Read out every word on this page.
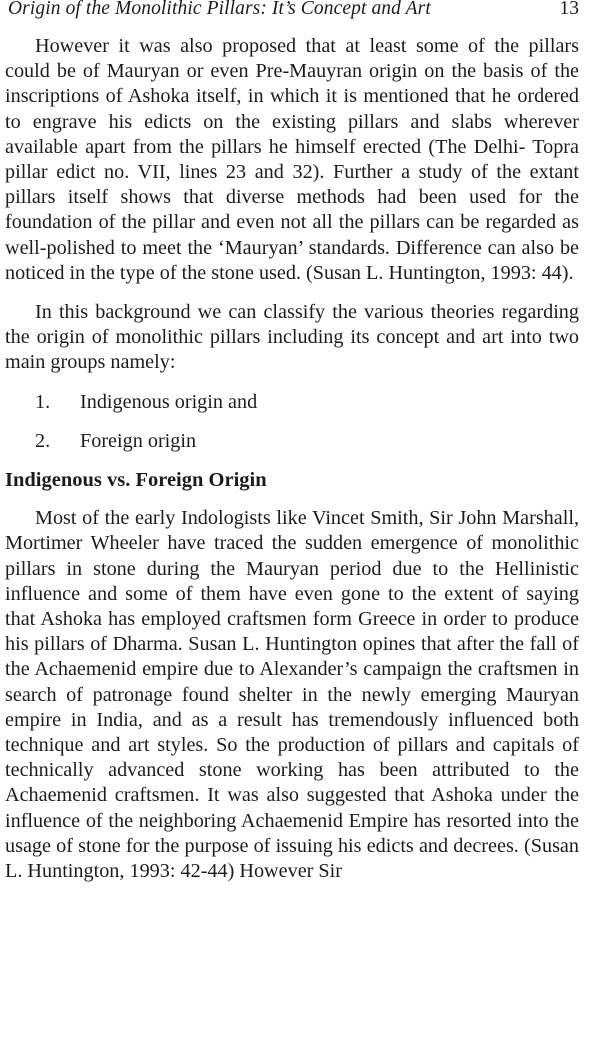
Origin of the Monolithic Pillars: It’s Concept and Art	13

However it was also proposed that at least some of the pillars could be of Mauryan or even Pre-Mauyran origin on the basis of the inscriptions of Ashoka itself, in which it is mentioned that he ordered to engrave his edicts on the existing pillars and slabs wherever available apart from the pillars he himself erected (The Delhi- Topra pillar edict no. VII, lines 23 and 32). Further a study of the extant pillars itself shows that diverse methods had been used for the foundation of the pillar and even not all the pillars can be regarded as well-polished to meet the ‘Mauryan’ standards. Difference can also be noticed in the type of the stone used. (Susan L. Huntington, 1993: 44).

In this background we can classify the various theories regarding the origin of monolithic pillars including its concept and art into two main groups namely:

1.	Indigenous origin and
2.	Foreign origin
Indigenous vs. Foreign Origin

Most of the early Indologists like Vincet Smith, Sir John Marshall, Mortimer Wheeler have traced the sudden emergence of monolithic pillars in stone during the Mauryan period due to the Hellinistic influence and some of them have even gone to the extent of saying that Ashoka has employed craftsmen form Greece in order to produce his pillars of Dharma. Susan L. Huntington opines that after the fall of the Achaemenid empire due to Alexander’s campaign the craftsmen in search of patronage found shelter in the newly emerging Mauryan empire in India, and as a result has tremendously influenced both technique and art styles. So the production of pillars and capitals of technically advanced stone working has been attributed to the Achaemenid craftsmen. It was also suggested that Ashoka under the influence of the neighboring Achaemenid Empire has resorted into the usage of stone for the purpose of issuing his edicts and decrees. (Susan L. Huntington, 1993: 42-44) However Sir
